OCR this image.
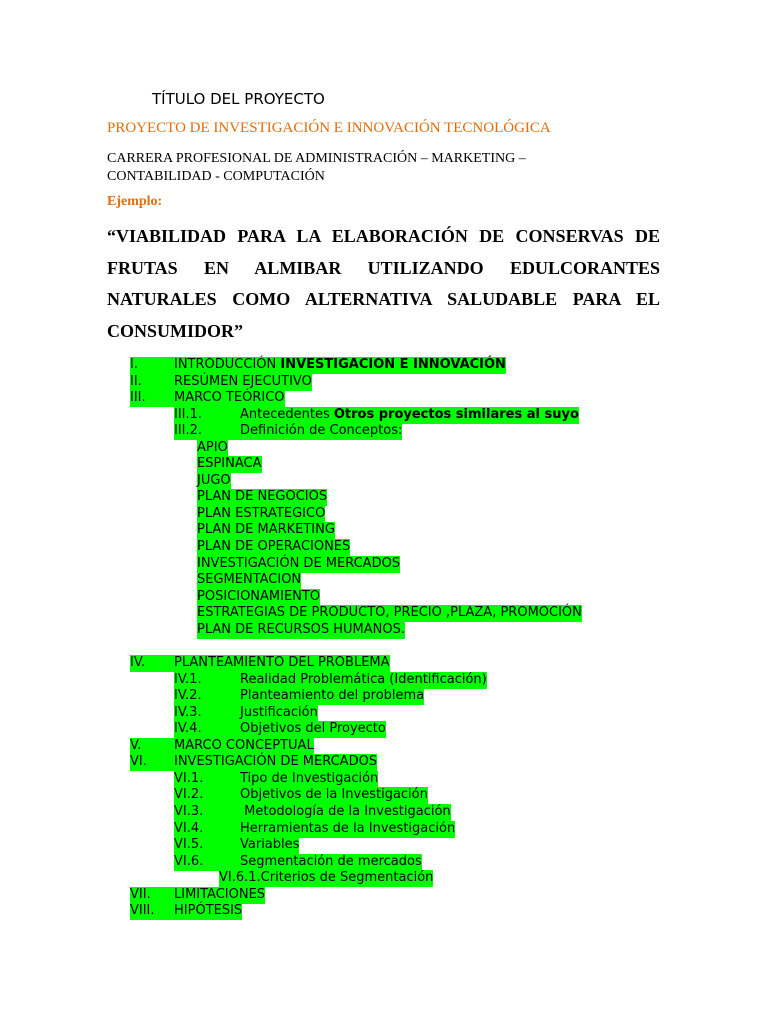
TÍTULO DEL PROYECTO
PROYECTO DE INVESTIGACIÓN E INNOVACIÓN TECNOLÓGICA
CARRERA PROFESIONAL DE ADMINISTRACIÓN – MARKETING –
CONTABILIDAD - COMPUTACIÓN
Ejemplo:
“VIABILIDAD PARA LA ELABORACIÓN DE CONSERVAS DE
FRUTAS EN ALMIBAR UTILIZANDO EDULCORANTES
NATURALES COMO ALTERNATIVA SALUDABLE PARA EL
CONSUMIDOR”
I.	INTRODUCCIÓN INVESTIGACION E INNOVACIÓN
II. RESÚMEN EJECUTIVO
III. MARCO TEÓRICO
III.1.	Antecedentes Otros proyectos similares al suyo
III.2.	Definición de Conceptos:
APIO
ESPINACA
JUGO
PLAN DE NEGOCIOS
PLAN ESTRATEGICO
PLAN DE MARKETING
PLAN DE OPERACIONES
INVESTIGACIÓN DE MERCADOS
SEGMENTACION
POSICIONAMIENTO
ESTRATEGIAS DE PRODUCTO, PRECIO ,PLAZA, PROMOCIÓN
PLAN DE RECURSOS HUMANOS.
IV. PLANTEAMIENTO DEL PROBLEMA
IV.1.	Realidad Problemática (Identificación)
IV.2.	Planteamiento del problema
IV.3.	Justificación
IV.4.	Objetivos del Proyecto
V.	MARCO CONCEPTUAL
VI. INVESTIGACIÓN DE MERCADOS
VI.1.	Tipo de Investigación
VI.2.	Objetivos de la Investigación
VI.3.	Metodología de la Investigación
VI.4.	Herramientas de la Investigación
VI.5.	Variables
VI.6.	Segmentación de mercados
VI.6.1.Criterios de Segmentación
VII. LIMITACIONES
VIII. HIPÓTESIS
